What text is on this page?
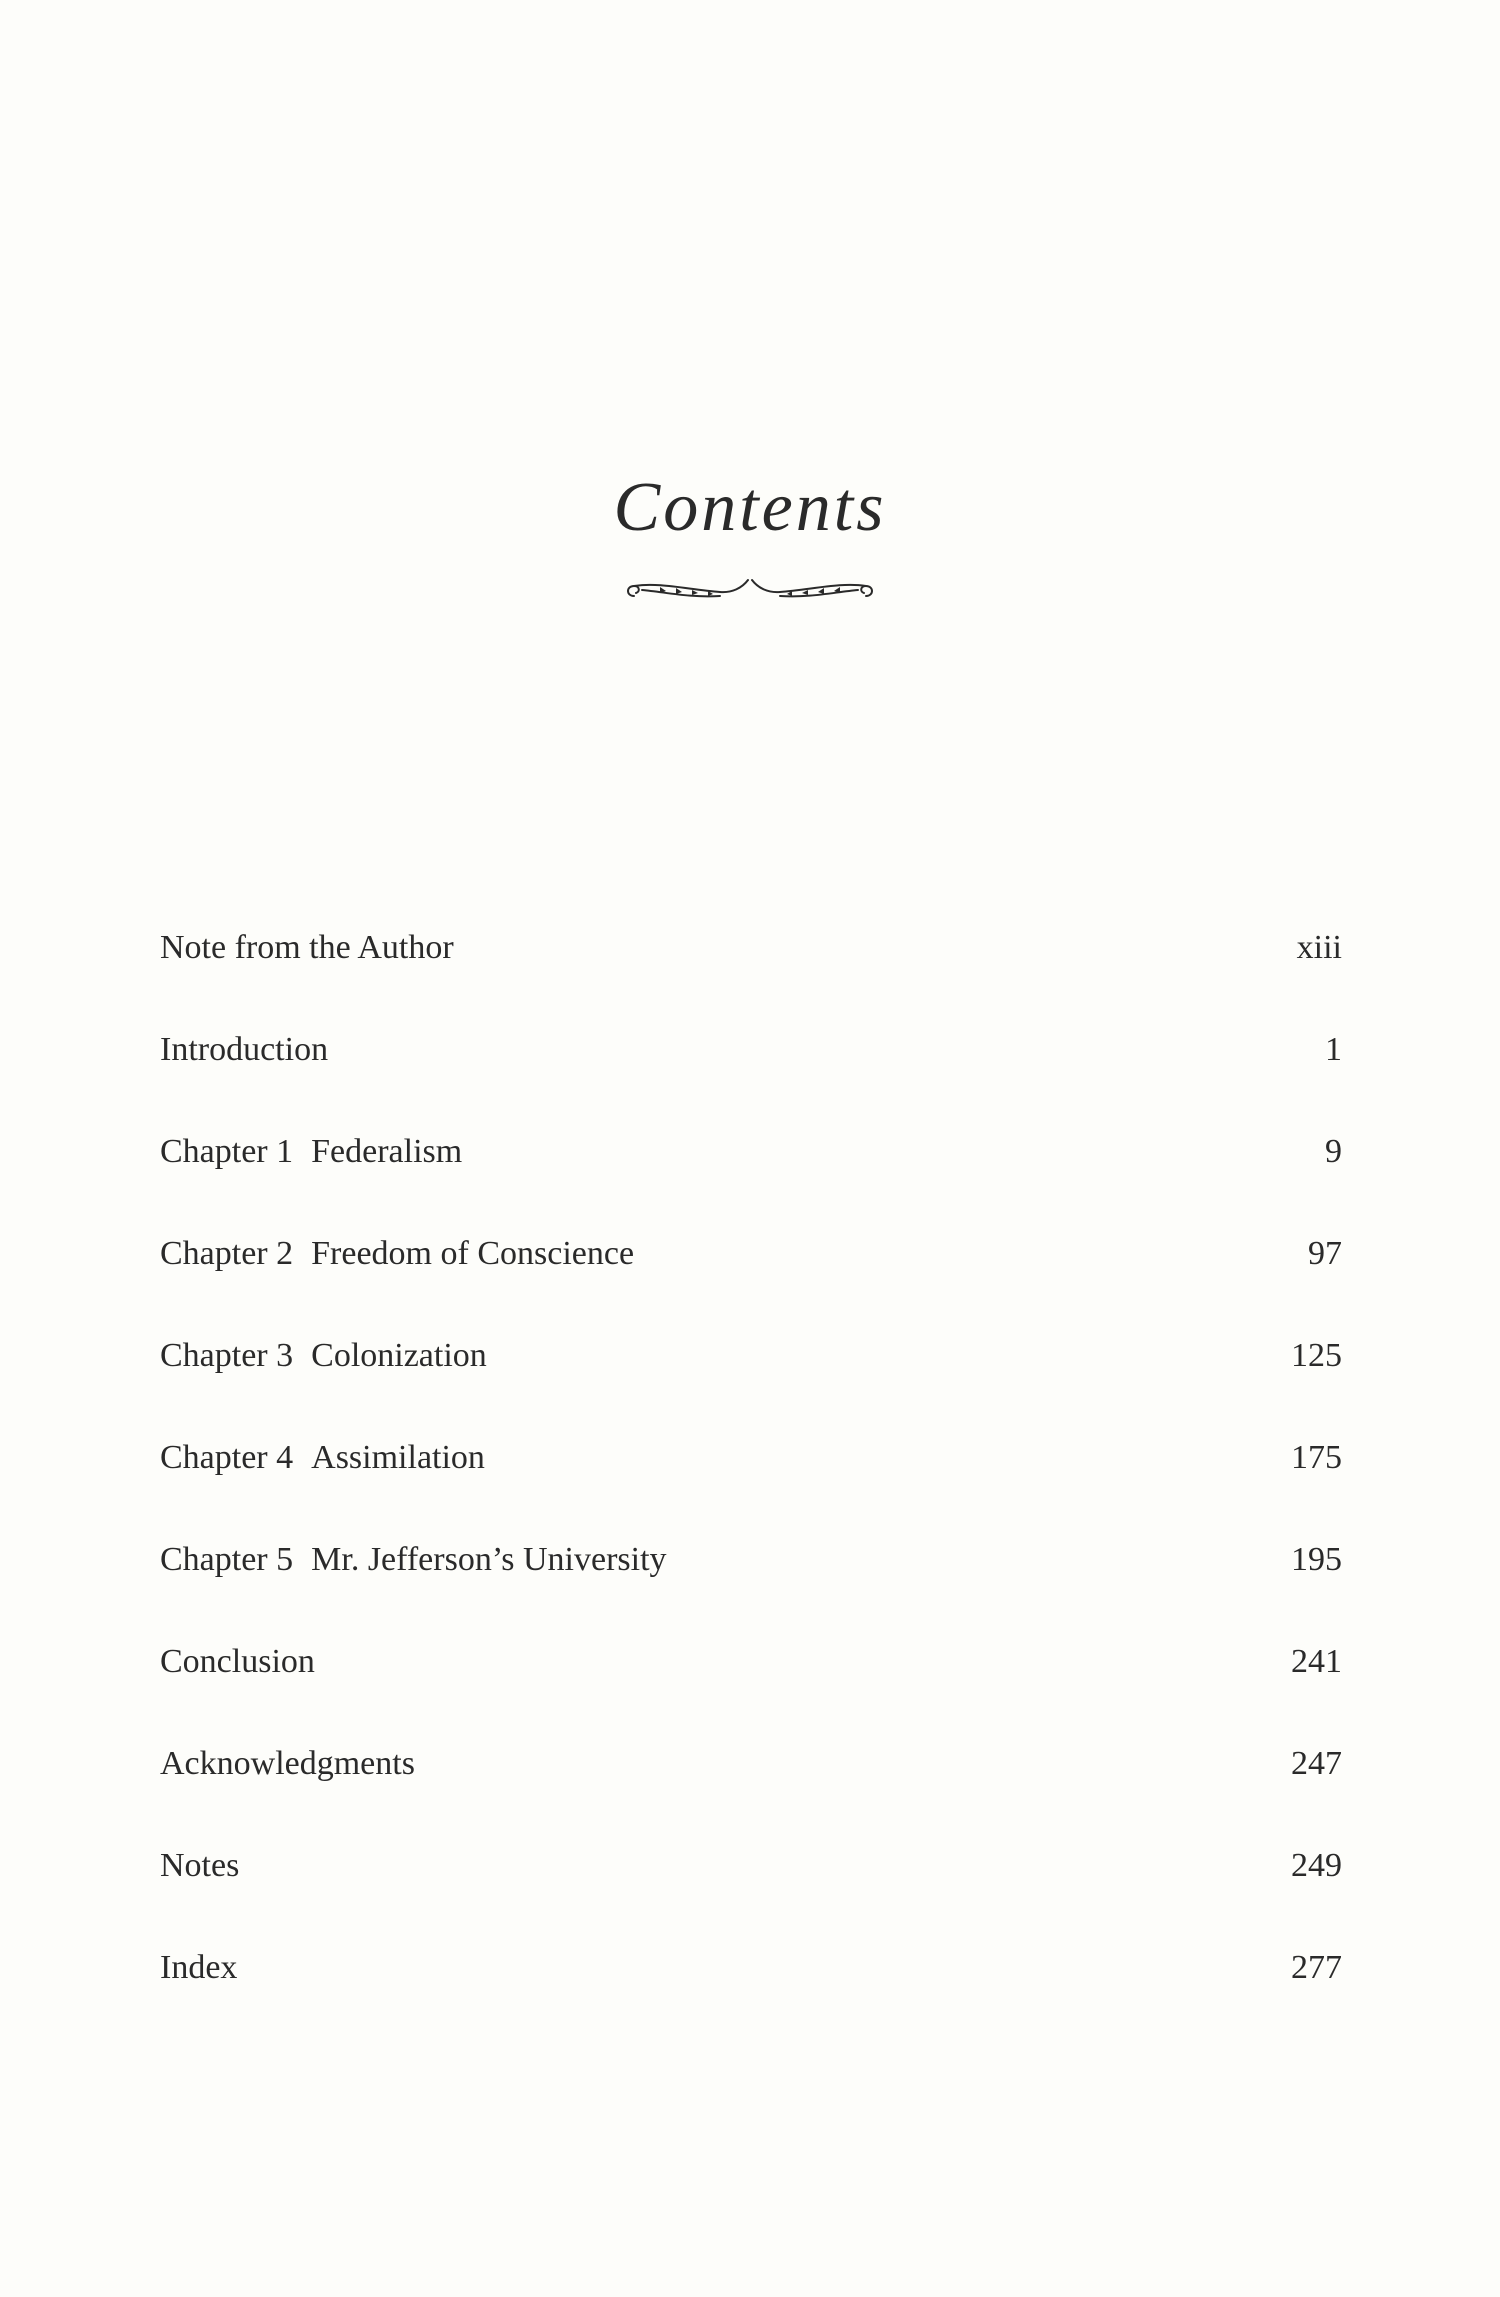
Contents
Note from the Author	xiii
Introduction	1
Chapter 1 Federalism	9
Chapter 2 Freedom of Conscience	97
Chapter 3 Colonization	125
Chapter 4 Assimilation	175
Chapter 5 Mr. Jefferson’s University	195
Conclusion	241
Acknowledgments	247
Notes	249
Index	277
